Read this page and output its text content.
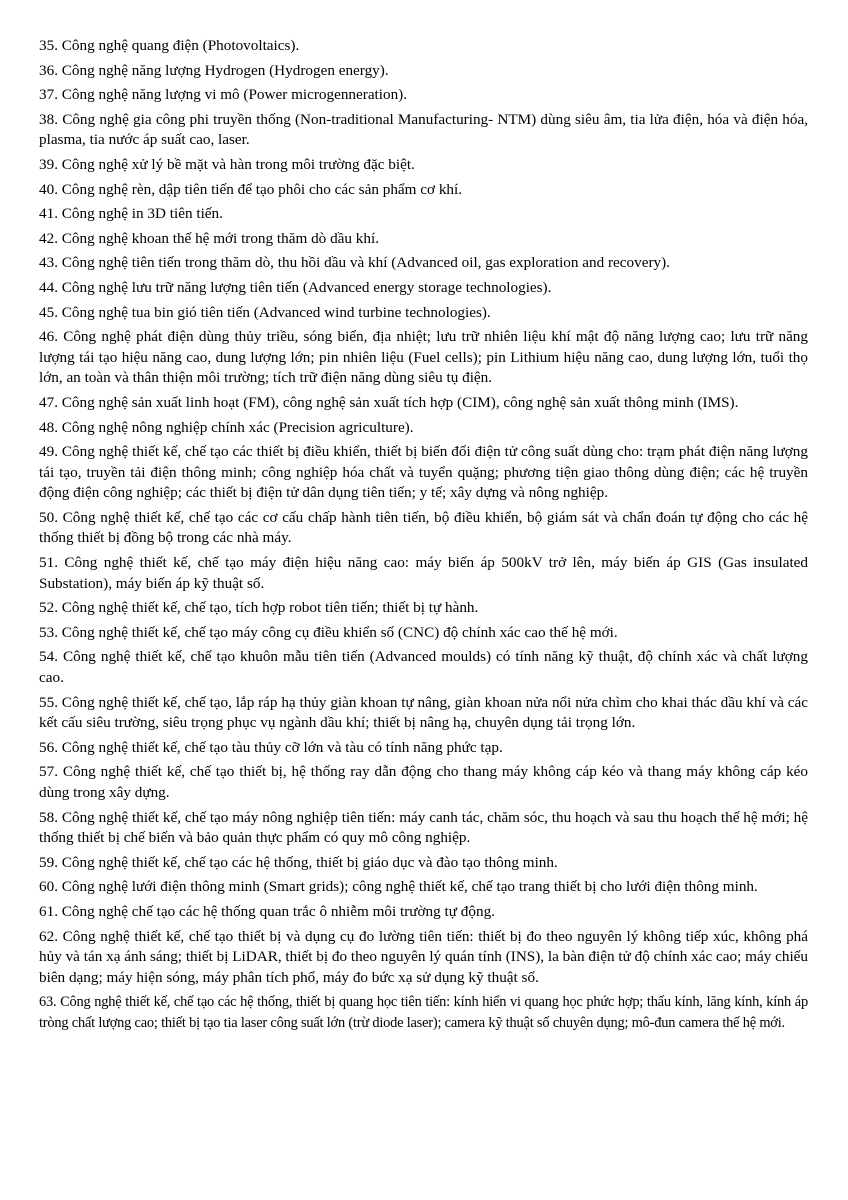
35. Công nghệ quang điện (Photovoltaics).

36. Công nghệ năng lượng Hydrogen (Hydrogen energy).

37. Công nghệ năng lượng vi mô (Power microgenneration).

38. Công nghệ gia công phi truyền thống (Non-traditional Manufacturing- NTM) dùng siêu âm, tia lửa điện, hóa và điện hóa, plasma, tia nước áp suất cao, laser.

39. Công nghệ xử lý bề mặt và hàn trong môi trường đặc biệt.

40. Công nghệ rèn, dập tiên tiến để tạo phôi cho các sản phẩm cơ khí.

41. Công nghệ in 3D tiên tiến.

42. Công nghệ khoan thế hệ mới trong thăm dò dầu khí.

43. Công nghệ tiên tiến trong thăm dò, thu hồi dầu và khí (Advanced oil, gas exploration and recovery).

44. Công nghệ lưu trữ năng lượng tiên tiến (Advanced energy storage technologies).

45. Công nghệ tua bin gió tiên tiến (Advanced wind turbine technologies).

46. Công nghệ phát điện dùng thủy triều, sóng biển, địa nhiệt; lưu trữ nhiên liệu khí mật độ năng lượng cao; lưu trữ năng lượng tái tạo hiệu năng cao, dung lượng lớn; pin nhiên liệu (Fuel cells); pin Lithium hiệu năng cao, dung lượng lớn, tuổi thọ lớn, an toàn và thân thiện môi trường; tích trữ điện năng dùng siêu tụ điện.

47. Công nghệ sản xuất linh hoạt (FM), công nghệ sản xuất tích hợp (CIM), công nghệ sản xuất thông minh (IMS).

48. Công nghệ nông nghiệp chính xác (Precision agriculture).

49. Công nghệ thiết kế, chế tạo các thiết bị điều khiển, thiết bị biến đổi điện tử công suất dùng cho: trạm phát điện năng lượng tái tạo, truyền tải điện thông minh; công nghiệp hóa chất và tuyển quặng; phương tiện giao thông dùng điện; các hệ truyền động điện công nghiệp; các thiết bị điện tử dân dụng tiên tiến; y tế; xây dựng và nông nghiệp.

50. Công nghệ thiết kế, chế tạo các cơ cấu chấp hành tiên tiến, bộ điều khiển, bộ giám sát và chẩn đoán tự động cho các hệ thống thiết bị đồng bộ trong các nhà máy.

51. Công nghệ thiết kế, chế tạo máy điện hiệu năng cao: máy biến áp 500kV trở lên, máy biến áp GIS (Gas insulated Substation), máy biến áp kỹ thuật số.

52. Công nghệ thiết kế, chế tạo, tích hợp robot tiên tiến; thiết bị tự hành.

53. Công nghệ thiết kế, chế tạo máy công cụ điều khiển số (CNC) độ chính xác cao thế hệ mới.

54. Công nghệ thiết kế, chế tạo khuôn mẫu tiên tiến (Advanced moulds) có tính năng kỹ thuật, độ chính xác và chất lượng cao.

55. Công nghệ thiết kế, chế tạo, lắp ráp hạ thủy giàn khoan tự nâng, giàn khoan nửa nổi nửa chìm cho khai thác dầu khí và các kết cấu siêu trường, siêu trọng phục vụ ngành dầu khí; thiết bị nâng hạ, chuyên dụng tải trọng lớn.

56. Công nghệ thiết kế, chế tạo tàu thủy cỡ lớn và tàu có tính năng phức tạp.

57. Công nghệ thiết kế, chế tạo thiết bị, hệ thống ray dẫn động cho thang máy không cáp kéo và thang máy không cáp kéo dùng trong xây dựng.

58. Công nghệ thiết kế, chế tạo máy nông nghiệp tiên tiến: máy canh tác, chăm sóc, thu hoạch và sau thu hoạch thế hệ mới; hệ thống thiết bị chế biến và bảo quản thực phẩm có quy mô công nghiệp.

59. Công nghệ thiết kế, chế tạo các hệ thống, thiết bị giáo dục và đào tạo thông minh.

60. Công nghệ lưới điện thông minh (Smart grids); công nghệ thiết kế, chế tạo trang thiết bị cho lưới điện thông minh.

61. Công nghệ chế tạo các hệ thống quan trắc ô nhiễm môi trường tự động.

62. Công nghệ thiết kế, chế tạo thiết bị và dụng cụ đo lường tiên tiến: thiết bị đo theo nguyên lý không tiếp xúc, không phá hủy và tán xạ ánh sáng; thiết bị LiDAR, thiết bị đo theo nguyên lý quán tính (INS), la bàn điện tử độ chính xác cao; máy chiếu biên dạng; máy hiện sóng, máy phân tích phổ, máy đo bức xạ sử dụng kỹ thuật số.

63. Công nghệ thiết kế, chế tạo các hệ thống, thiết bị quang học tiên tiến: kính hiển vi quang học phức hợp; thấu kính, lăng kính, kính áp tròng chất lượng cao; thiết bị tạo tia laser công suất lớn (trừ diode laser); camera kỹ thuật số chuyên dụng; mô-đun camera thế hệ mới.
